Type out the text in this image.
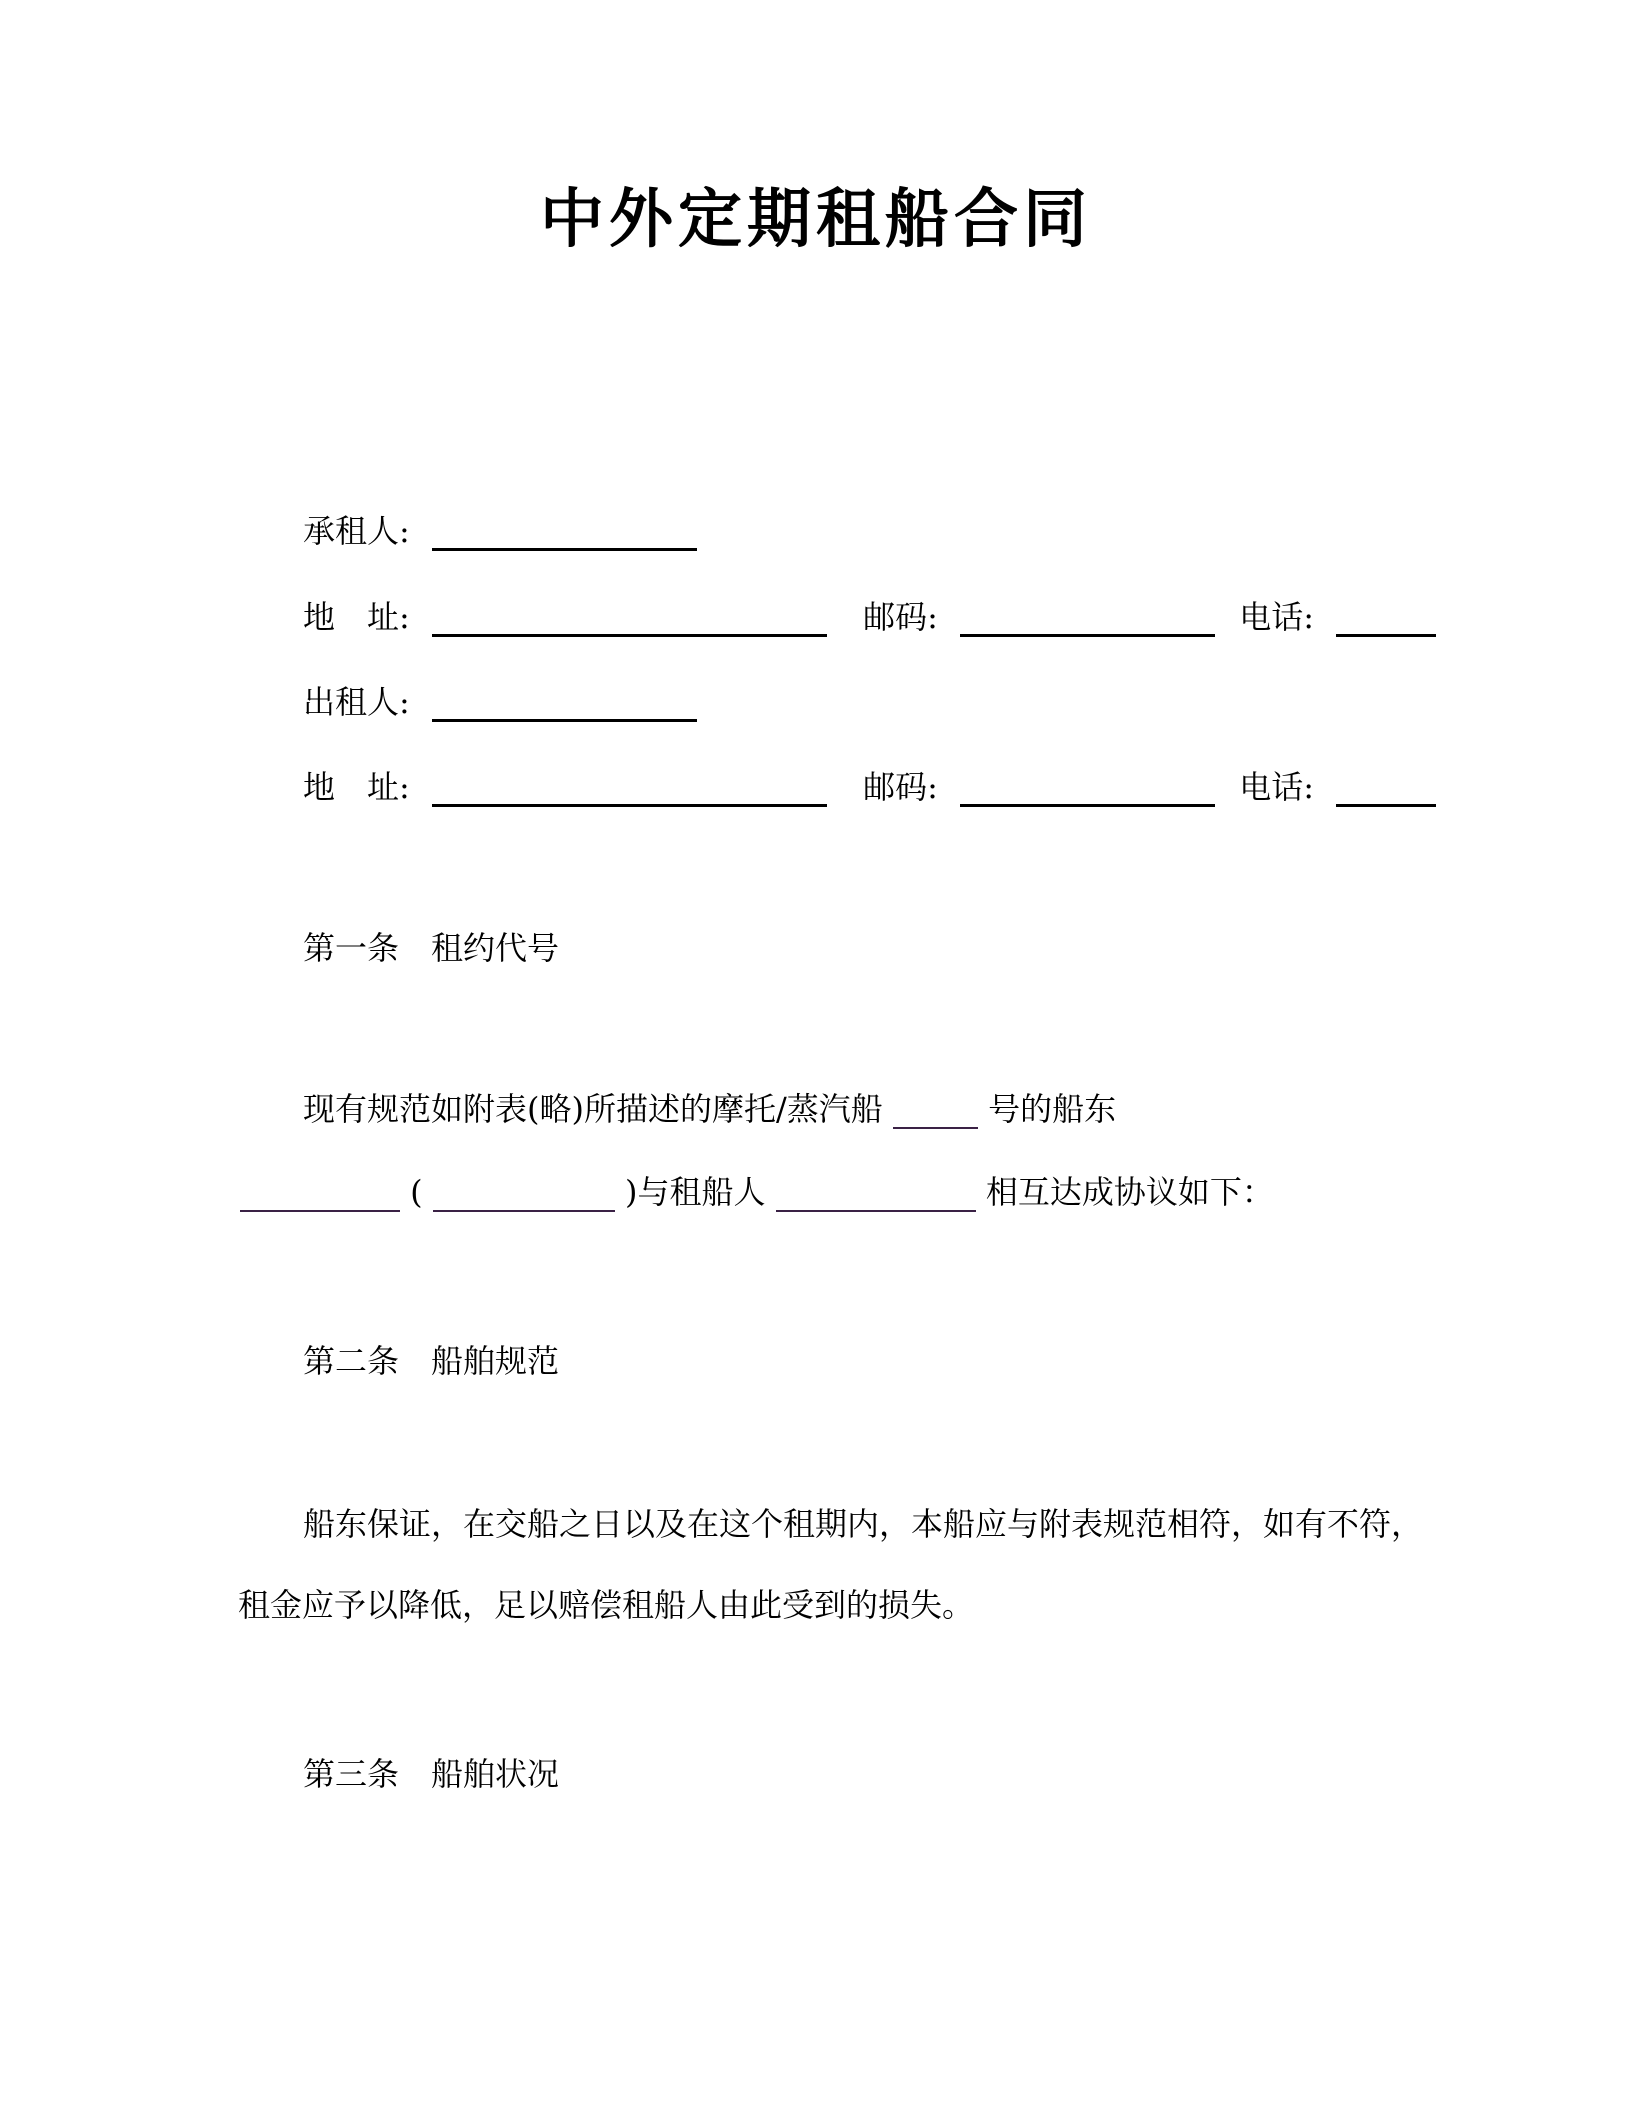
中外定期租船合同
承租人:
地　址:	邮码:	电话:
出租人:
地　址:	邮码:	电话:
第一条　租约代号
现有规范如附表(略)所描述的摩托/蒸汽船	号的船东
(	)与租船人	相互达成协议如下：
第二条　船舶规范
船东保证，在交船之日以及在这个租期内，本船应与附表规范相符，如有不符，
租金应予以降低，足以赔偿租船人由此受到的损失。
第三条　船舶状况
